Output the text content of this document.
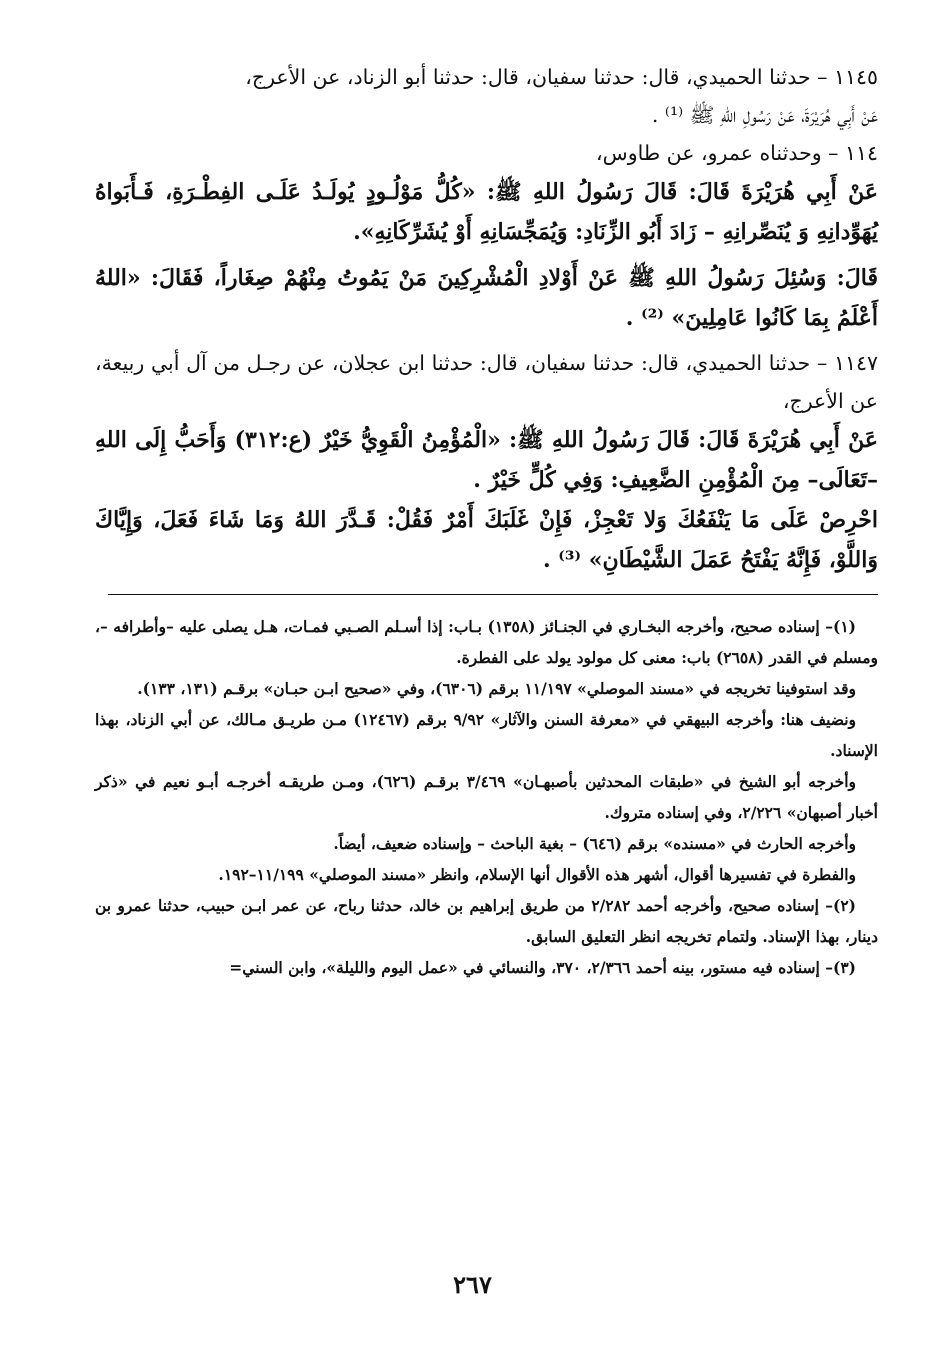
١١٤٥ – حدثنا الحميدي، قال: حدثنا سفيان، قال: حدثنا أبو الزناد، عن الأعرج،

عَنْ أَبِي هُرَيْرَةَ، عَنْ رَسُولِ اللهِ ﷺ ⁽¹⁾ .

١١٤ – وحدثناه عمرو، عن طاوس،

عَنْ أَبِي هُرَيْرَةَ قَالَ: قَالَ رَسُولُ اللهِ ﷺ: «كُلُّ مَوْلُـودٍ يُولَـدُ عَلَـى الفِطْـرَةِ، فَـأَبَواهُ يُهَوِّدانِهِ وَ يُنَصِّرانِهِ – زَادَ أَبُو الزِّنَادِ: وَيُمَجِّسَانِهِ أَوْ يُشَرِّكَانِهِ».

قَالَ: وَسُئِلَ رَسُولُ اللهِ ﷺ عَنْ أَوْلادِ الْمُشْرِكِينَ مَنْ يَمُوتُ مِنْهُمْ صِغَاراً، فَقَالَ: «اللهُ أَعْلَمُ بِمَا كَانُوا عَامِلِينَ» ⁽²⁾ .

١١٤٧ – حدثنا الحميدي، قال: حدثنا سفيان، قال: حدثنا ابن عجلان، عن رجـل من آل أبي ربيعة، عن الأعرج،

عَنْ أَبِي هُرَيْرَةَ قَالَ: قَالَ رَسُولُ اللهِ ﷺ: «الْمُؤْمِنُ الْقَوِيُّ خَيْرٌ (ع:٣١٢) وَأَحَبُّ إِلَى اللهِ –تَعَالَى– مِنَ الْمُؤْمِنِ الضَّعِيفِ: وَفِي كُلٍّ خَيْرٌ .

احْرِصْ عَلَى مَا يَنْفَعُكَ وَلا تَعْجِزْ، فَإِنْ غَلَبَكَ أَمْرٌ فَقُلْ: قَـدَّرَ اللهُ وَمَا شَاءَ فَعَلَ، وَإِيَّاكَ وَاللَّوْ، فَإِنَّهُ يَفْتَحُ عَمَلَ الشَّيْطَانِ» ⁽³⁾ .

(١)– إسناده صحيح، وأخرجه البخـاري في الجنـائز (١٣٥٨) بـاب: إذا أسـلم الصـبي فمـات، هـل يصلى عليه –وأطرافه –، ومسلم في القدر (٢٦٥٨) باب: معنى كل مولود يولد على الفطرة.

وقد استوفينا تخريجه في «مسند الموصلي» ١١/١٩٧ برقم (٦٣٠٦)، وفي «صحيح ابـن حبـان» برقـم (١٣١، ١٣٣).

ونضيف هنا: وأخرجه البيهقي في «معرفة السنن والآثار» ٩/٩٢ برقم (١٢٤٦٧) مـن طريـق مـالك، عن أبي الزناد، بهذا الإسناد.

وأخرجه أبو الشيخ في «طبقات المحدثين بأصبهـان» ٣/٤٦٩ برقـم (٦٢٦)، ومـن طريقـه أخرجـه أبـو نعيم في «ذكر أخبار أصبهان» ٢/٢٢٦، وفي إسناده متروك.

وأخرجه الحارث في «مسنده» برقم (٦٤٦) – بغية الباحث – وإسناده ضعيف، أيضاً.

والفطرة في تفسيرها أقوال، أشهر هذه الأقوال أنها الإسلام، وانظر «مسند الموصلي» ١١/١٩٩–١٩٢.

(٢)– إسناده صحيح، وأخرجه أحمد ٢/٢٨٢ من طريق إبراهيم بن خالد، حدثنا رباح، عن عمر ابـن حبيب، حدثنا عمرو بن دينار، بهذا الإسناد. ولتمام تخريجه انظر التعليق السابق.

(٣)– إسناده فيه مستور، بينه أحمد ٢/٣٦٦، ٣٧٠، والنسائي في «عمل اليوم والليلة»، وابن السني=

٢٦٧
